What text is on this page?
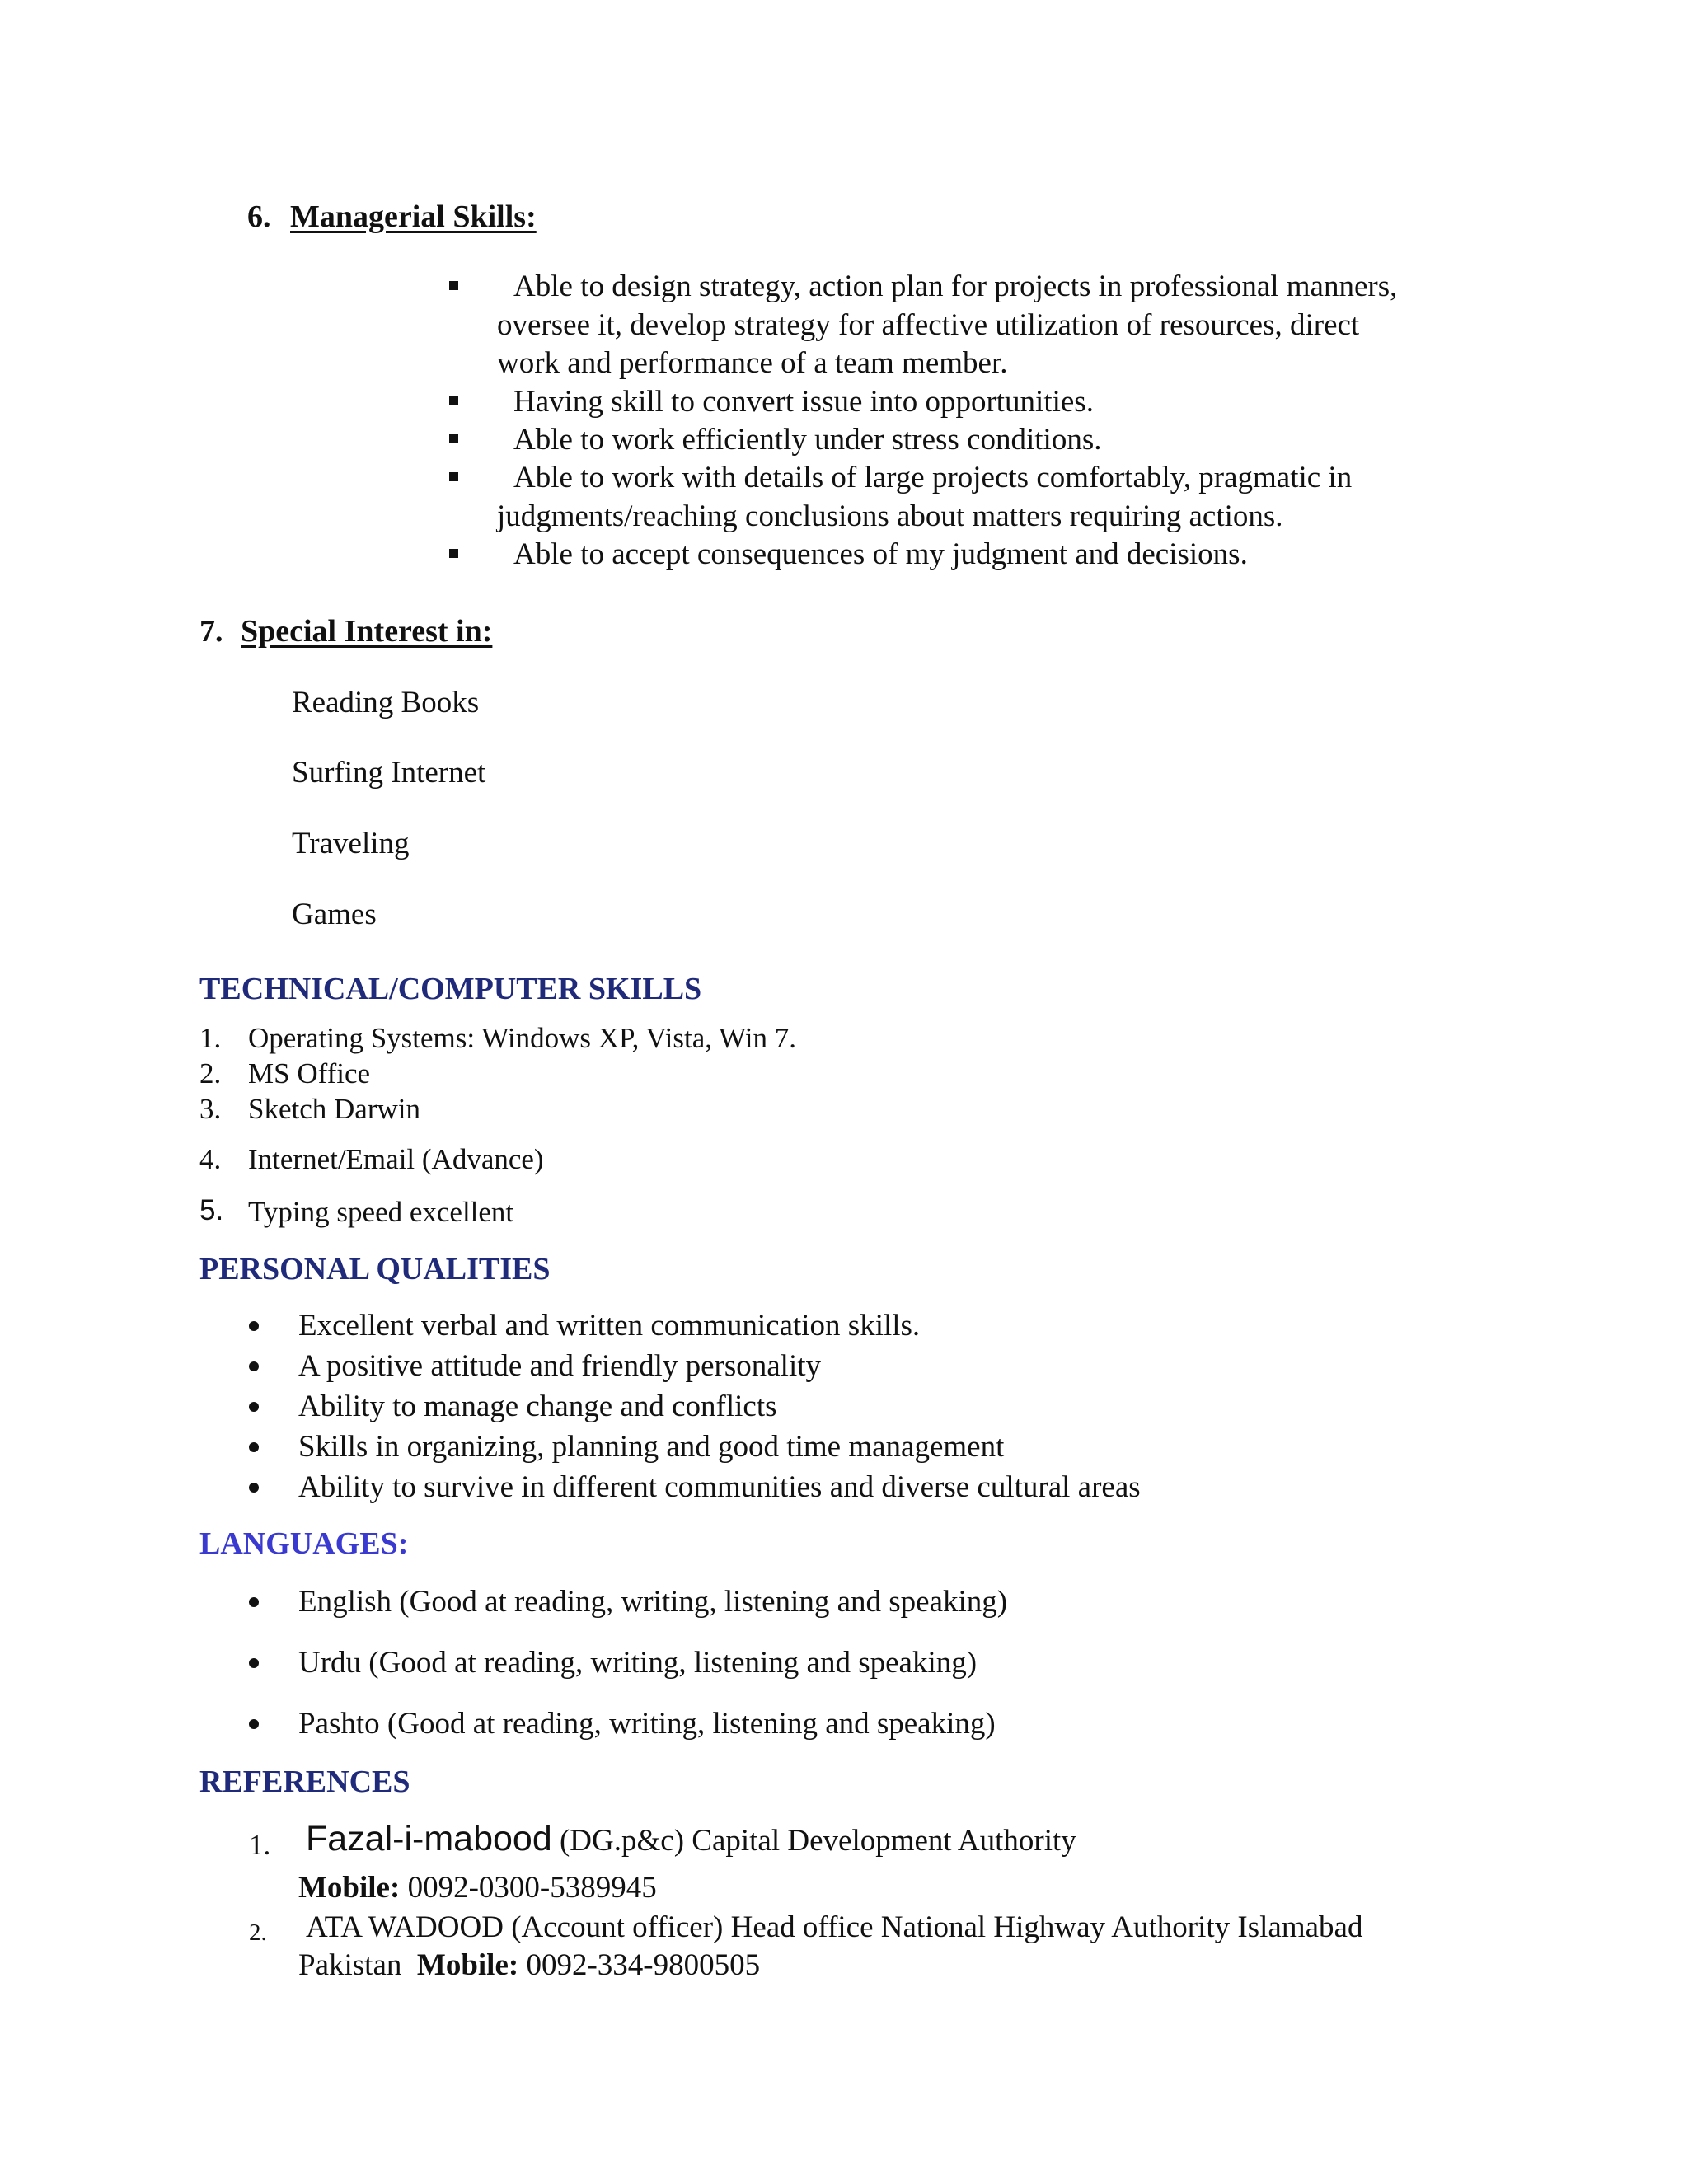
6. Managerial Skills:
Able to design strategy, action plan for projects in professional manners,
oversee it, develop strategy for affective utilization of resources, direct
work and performance of a team member.
Having skill to convert issue into opportunities.
Able to work efficiently under stress conditions.
Able to work with details of large projects comfortably, pragmatic in
judgments/reaching conclusions about matters requiring actions.
Able to accept consequences of my judgment and decisions.
7. Special Interest in:
Reading Books
Surfing Internet
Traveling
Games
TECHNICAL/COMPUTER SKILLS
1. Operating Systems: Windows XP, Vista, Win 7.
2. MS Office
3. Sketch Darwin
4. Internet/Email (Advance)
5. Typing speed excellent
PERSONAL QUALITIES
Excellent verbal and written communication skills.
A positive attitude and friendly personality
Ability to manage change and conflicts
Skills in organizing, planning and good time management
Ability to survive in different communities and diverse cultural areas
LANGUAGES:
English (Good at reading, writing, listening and speaking)
Urdu (Good at reading, writing, listening and speaking)
Pashto (Good at reading, writing, listening and speaking)
REFERENCES
1. Fazal-i-mabood (DG.p&c) Capital Development Authority
Mobile: 0092-0300-5389945
2. ATA WADOOD (Account officer) Head office National Highway Authority Islamabad
Pakistan Mobile: 0092-334-9800505
